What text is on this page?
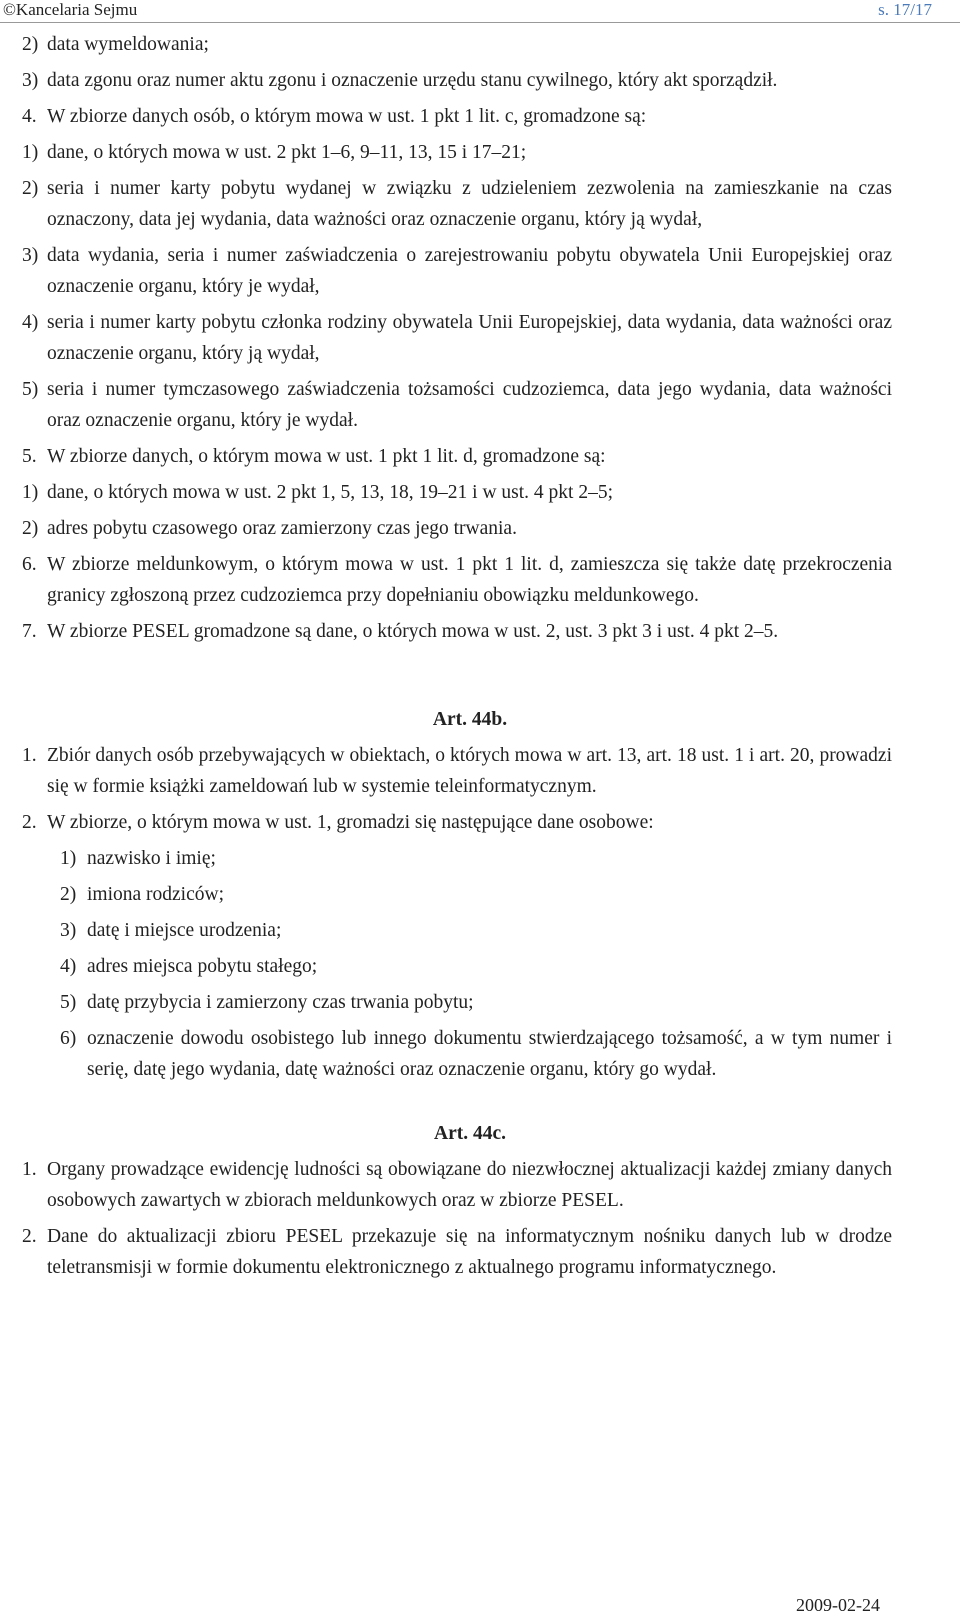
©Kancelaria Sejmu	s. 17/17
2) data wymeldowania;
3) data zgonu oraz numer aktu zgonu i oznaczenie urzędu stanu cywilnego, który akt sporządził.
4. W zbiorze danych osób, o którym mowa w ust. 1 pkt 1 lit. c, gromadzone są:
1) dane, o których mowa w ust. 2 pkt 1–6, 9–11, 13, 15 i 17–21;
2) seria i numer karty pobytu wydanej w związku z udzieleniem zezwolenia na zamieszkanie na czas oznaczony, data jej wydania, data ważności oraz oznaczenie organu, który ją wydał,
3) data wydania, seria i numer zaświadczenia o zarejestrowaniu pobytu obywatela Unii Europejskiej oraz oznaczenie organu, który je wydał,
4) seria i numer karty pobytu członka rodziny obywatela Unii Europejskiej, data wydania, data ważności oraz oznaczenie organu, który ją wydał,
5) seria i numer tymczasowego zaświadczenia tożsamości cudzoziemca, data jego wydania, data ważności oraz oznaczenie organu, który je wydał.
5. W zbiorze danych, o którym mowa w ust. 1 pkt 1 lit. d, gromadzone są:
1) dane, o których mowa w ust. 2 pkt 1, 5, 13, 18, 19–21 i w ust. 4 pkt 2–5;
2) adres pobytu czasowego oraz zamierzony czas jego trwania.
6. W zbiorze meldunkowym, o którym mowa w ust. 1 pkt 1 lit. d, zamieszcza się także datę przekroczenia granicy zgłoszoną przez cudzoziemca przy dopełnianiu obowiązku meldunkowego.
7. W zbiorze PESEL gromadzone są dane, o których mowa w ust. 2, ust. 3 pkt 3 i ust. 4 pkt 2–5.
Art. 44b.
1. Zbiór danych osób przebywających w obiektach, o których mowa w art. 13, art. 18 ust. 1 i art. 20, prowadzi się w formie książki zameldowań lub w systemie teleinformatycznym.
2. W zbiorze, o którym mowa w ust. 1, gromadzi się następujące dane osobowe:
1) nazwisko i imię;
2) imiona rodziców;
3) datę i miejsce urodzenia;
4) adres miejsca pobytu stałego;
5) datę przybycia i zamierzony czas trwania pobytu;
6) oznaczenie dowodu osobistego lub innego dokumentu stwierdzającego tożsamość, a w tym numer i serię, datę jego wydania, datę ważności oraz oznaczenie organu, który go wydał.
Art. 44c.
1. Organy prowadzące ewidencję ludności są obowiązane do niezwłocznej aktualizacji każdej zmiany danych osobowych zawartych w zbiorach meldunkowych oraz w zbiorze PESEL.
2. Dane do aktualizacji zbioru PESEL przekazuje się na informatycznym nośniku danych lub w drodze teletransmisji w formie dokumentu elektronicznego z aktualnego programu informatycznego.
2009-02-24
